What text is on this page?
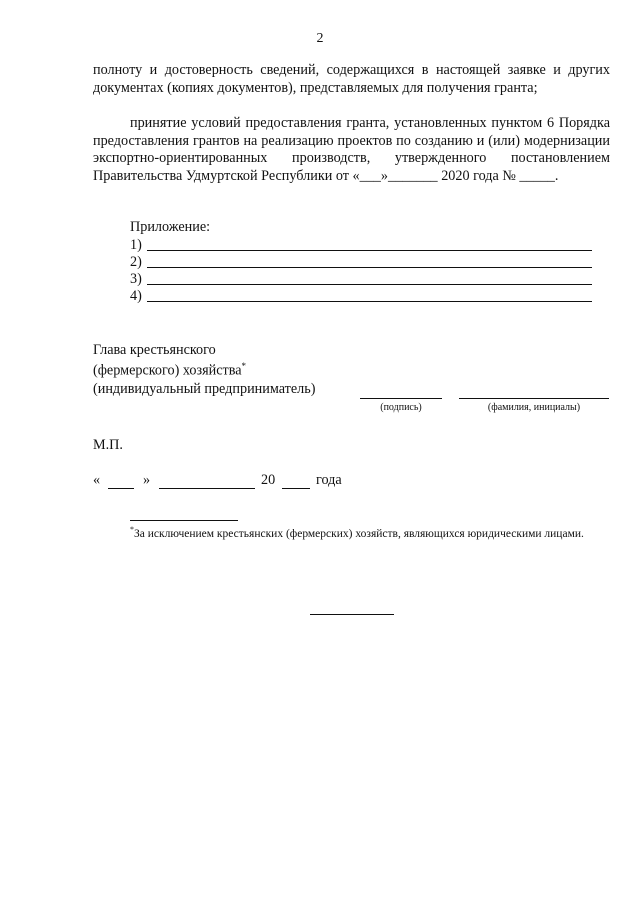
2
полноту и достоверность сведений, содержащихся в настоящей заявке и других документах (копиях документов), представляемых для получения гранта;
принятие условий предоставления гранта, установленных пунктом 6 Порядка предоставления грантов на реализацию проектов по созданию и (или) модернизации экспортно-ориентированных производств, утвержденного постановлением Правительства Удмуртской Республики от «___»_______ 2020 года № _____.
Приложение:
1)
2)
3)
4)
Глава крестьянского
(фермерского) хозяйства*
(индивидуальный предприниматель)
(подпись)	(фамилия, инициалы)
М.П.
«	»	20	года
*За исключением крестьянских (фермерских) хозяйств, являющихся юридическими лицами.
